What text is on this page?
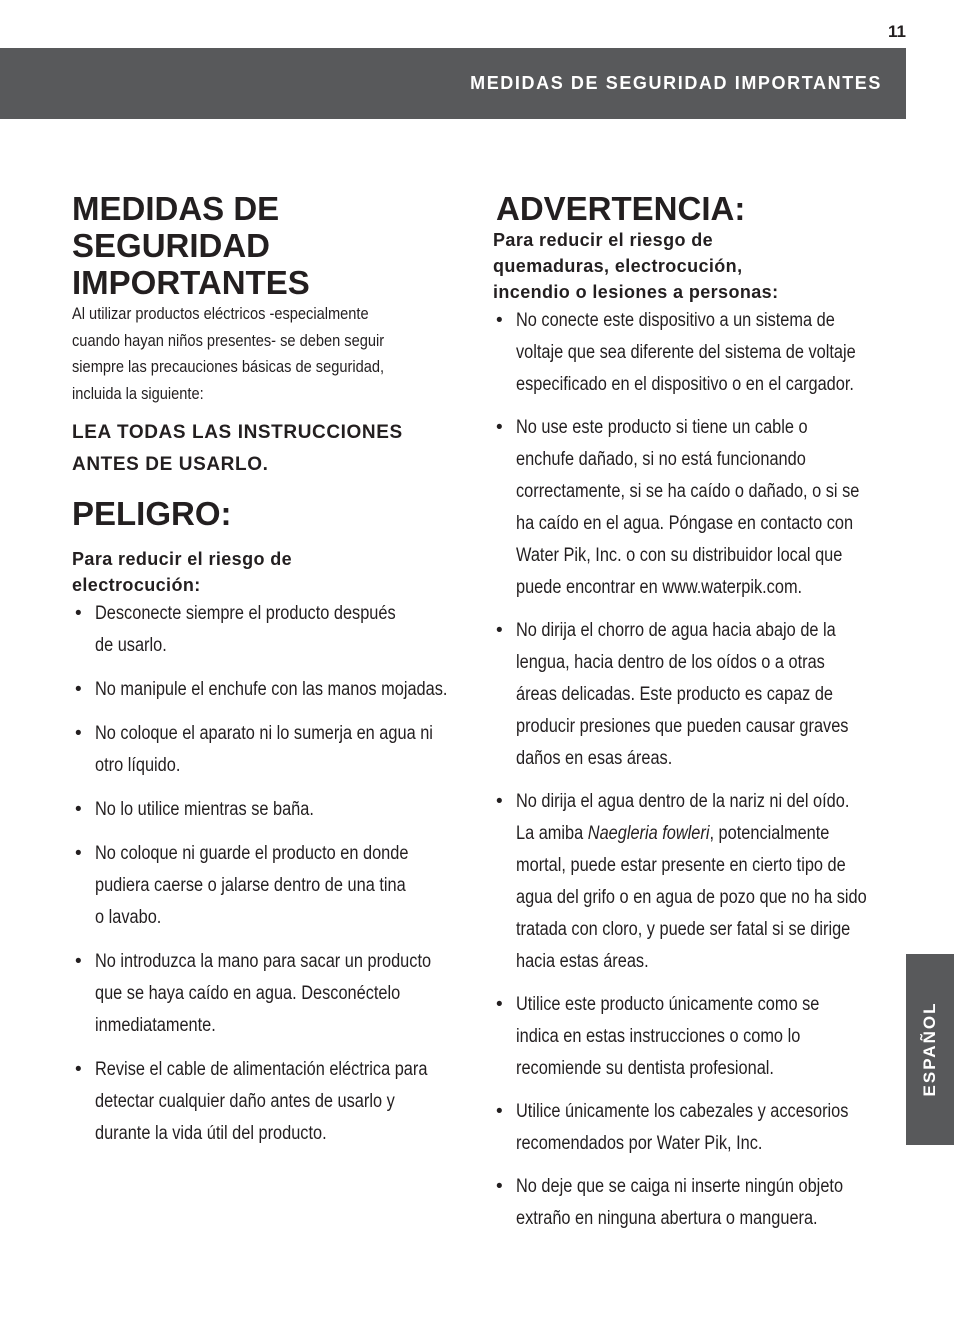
11
MEDIDAS DE SEGURIDAD IMPORTANTES
ESPAÑOL
MEDIDAS DE
SEGURIDAD
IMPORTANTES
Al utilizar productos eléctricos -especialmente
cuando hayan niños presentes- se deben seguir
siempre las precauciones básicas de seguridad,
incluida la siguiente:
LEA TODAS LAS INSTRUCCIONES
ANTES DE USARLO.
PELIGRO:
Para reducir el riesgo de
electrocución:
• Desconecte siempre el producto después
de usarlo.
• No manipule el enchufe con las manos mojadas.
• No coloque el aparato ni lo sumerja en agua ni
otro líquido.
• No lo utilice mientras se baña.
• No coloque ni guarde el producto en donde
pudiera caerse o jalarse dentro de una tina
o lavabo.
• No introduzca la mano para sacar un producto
que se haya caído en agua. Desconéctelo
inmediatamente.
• Revise el cable de alimentación eléctrica para
detectar cualquier daño antes de usarlo y
durante la vida útil del producto.
ADVERTENCIA:
Para reducir el riesgo de
quemaduras, electrocución,
incendio o lesiones a personas:
• No conecte este dispositivo a un sistema de
voltaje que sea diferente del sistema de voltaje
especificado en el dispositivo o en el cargador.
• No use este producto si tiene un cable o
enchufe dañado, si no está funcionando
correctamente, si se ha caído o dañado, o si se
ha caído en el agua. Póngase en contacto con
Water Pik, Inc. o con su distribuidor local que
puede encontrar en www.waterpik.com.
• No dirija el chorro de agua hacia abajo de la
lengua, hacia dentro de los oídos o a otras
áreas delicadas. Este producto es capaz de
producir presiones que pueden causar graves
daños en esas áreas.
• No dirija el agua dentro de la nariz ni del oído.
La amiba Naegleria fowleri, potencialmente
mortal, puede estar presente en cierto tipo de
agua del grifo o en agua de pozo que no ha sido
tratada con cloro, y puede ser fatal si se dirige
hacia estas áreas.
• Utilice este producto únicamente como se
indica en estas instrucciones o como lo
recomiende su dentista profesional.
• Utilice únicamente los cabezales y accesorios
recomendados por Water Pik, Inc.
• No deje que se caiga ni inserte ningún objeto
extraño en ninguna abertura o manguera.
